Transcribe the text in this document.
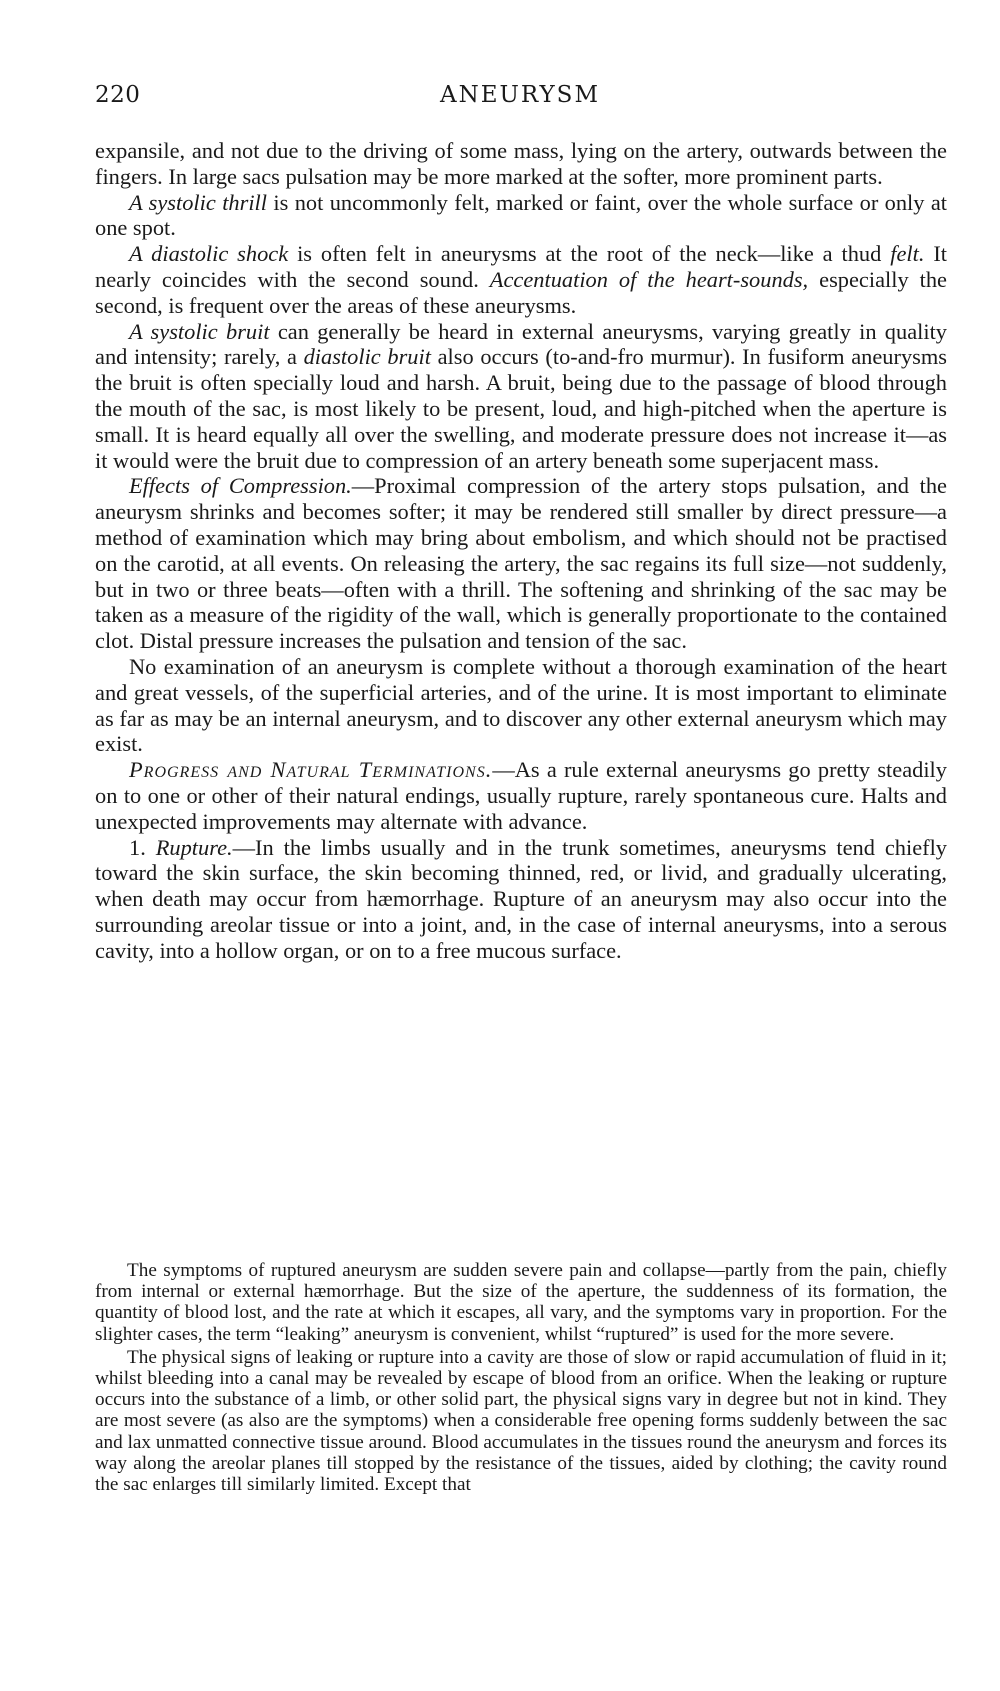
220	ANEURYSM

expansile, and not due to the driving of some mass, lying on the artery, outwards between the fingers. In large sacs pulsation may be more marked at the softer, more prominent parts.

A systolic thrill is not uncommonly felt, marked or faint, over the whole surface or only at one spot.

A diastolic shock is often felt in aneurysms at the root of the neck—like a thud felt. It nearly coincides with the second sound. Accentuation of the heart-sounds, especially the second, is frequent over the areas of these aneurysms.

A systolic bruit can generally be heard in external aneurysms, varying greatly in quality and intensity; rarely, a diastolic bruit also occurs (to-and-fro murmur). In fusiform aneurysms the bruit is often specially loud and harsh. A bruit, being due to the passage of blood through the mouth of the sac, is most likely to be present, loud, and high-pitched when the aperture is small. It is heard equally all over the swelling, and moderate pressure does not increase it—as it would were the bruit due to compression of an artery beneath some superjacent mass.

Effects of Compression.—Proximal compression of the artery stops pulsation, and the aneurysm shrinks and becomes softer; it may be rendered still smaller by direct pressure—a method of examination which may bring about embolism, and which should not be practised on the carotid, at all events. On releasing the artery, the sac regains its full size—not suddenly, but in two or three beats—often with a thrill. The softening and shrinking of the sac may be taken as a measure of the rigidity of the wall, which is generally proportionate to the contained clot. Distal pressure increases the pulsation and tension of the sac.

No examination of an aneurysm is complete without a thorough examination of the heart and great vessels, of the superficial arteries, and of the urine. It is most important to eliminate as far as may be an internal aneurysm, and to discover any other external aneurysm which may exist.

Progress and Natural Terminations.—As a rule external aneurysms go pretty steadily on to one or other of their natural endings, usually rupture, rarely spontaneous cure. Halts and unexpected improvements may alternate with advance.

1. Rupture.—In the limbs usually and in the trunk sometimes, aneurysms tend chiefly toward the skin surface, the skin becoming thinned, red, or livid, and gradually ulcerating, when death may occur from hæmorrhage. Rupture of an aneurysm may also occur into the surrounding areolar tissue or into a joint, and, in the case of internal aneurysms, into a serous cavity, into a hollow organ, or on to a free mucous surface.

The symptoms of ruptured aneurysm are sudden severe pain and collapse—partly from the pain, chiefly from internal or external hæmorrhage. But the size of the aperture, the suddenness of its formation, the quantity of blood lost, and the rate at which it escapes, all vary, and the symptoms vary in proportion. For the slighter cases, the term “leaking” aneurysm is convenient, whilst “ruptured” is used for the more severe.

The physical signs of leaking or rupture into a cavity are those of slow or rapid accumulation of fluid in it; whilst bleeding into a canal may be revealed by escape of blood from an orifice. When the leaking or rupture occurs into the substance of a limb, or other solid part, the physical signs vary in degree but not in kind. They are most severe (as also are the symptoms) when a considerable free opening forms suddenly between the sac and lax unmatted connective tissue around. Blood accumulates in the tissues round the aneurysm and forces its way along the areolar planes till stopped by the resistance of the tissues, aided by clothing; the cavity round the sac enlarges till similarly limited. Except that
